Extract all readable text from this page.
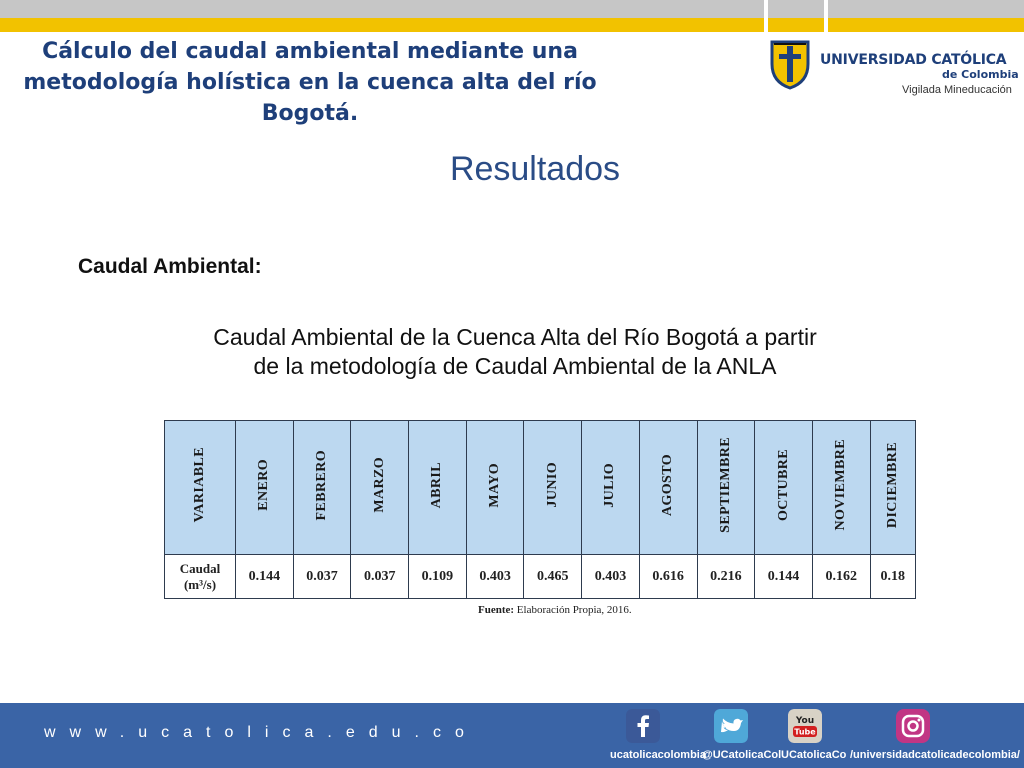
Cálculo del caudal ambiental mediante una metodología holística en la cuenca alta del río Bogotá.
UNIVERSIDAD CATÓLICA
de Colombia
Vigilada Mineducación
Resultados
Caudal Ambiental:
Caudal Ambiental de la Cuenca Alta del Río Bogotá a partir de la metodología de Caudal Ambiental de la ANLA
VARIABLE	ENERO	FEBRERO	MARZO	ABRIL	MAYO	JUNIO	JULIO	AGOSTO	SEPTIEMBRE	OCTUBRE	NOVIEMBRE	DICIEMBRE

Caudal
(m³/s)	0.144	0.037	0.037	0.109	0.403	0.465	0.403	0.616	0.216	0.144	0.162	0.18
Fuente: Elaboración Propia, 2016.
www.ucatolica.edu.co
You
Tube
ucatolicacolombia
@UCatolicaCol UCatolicaCo /universidadcatolicadecolombia/
